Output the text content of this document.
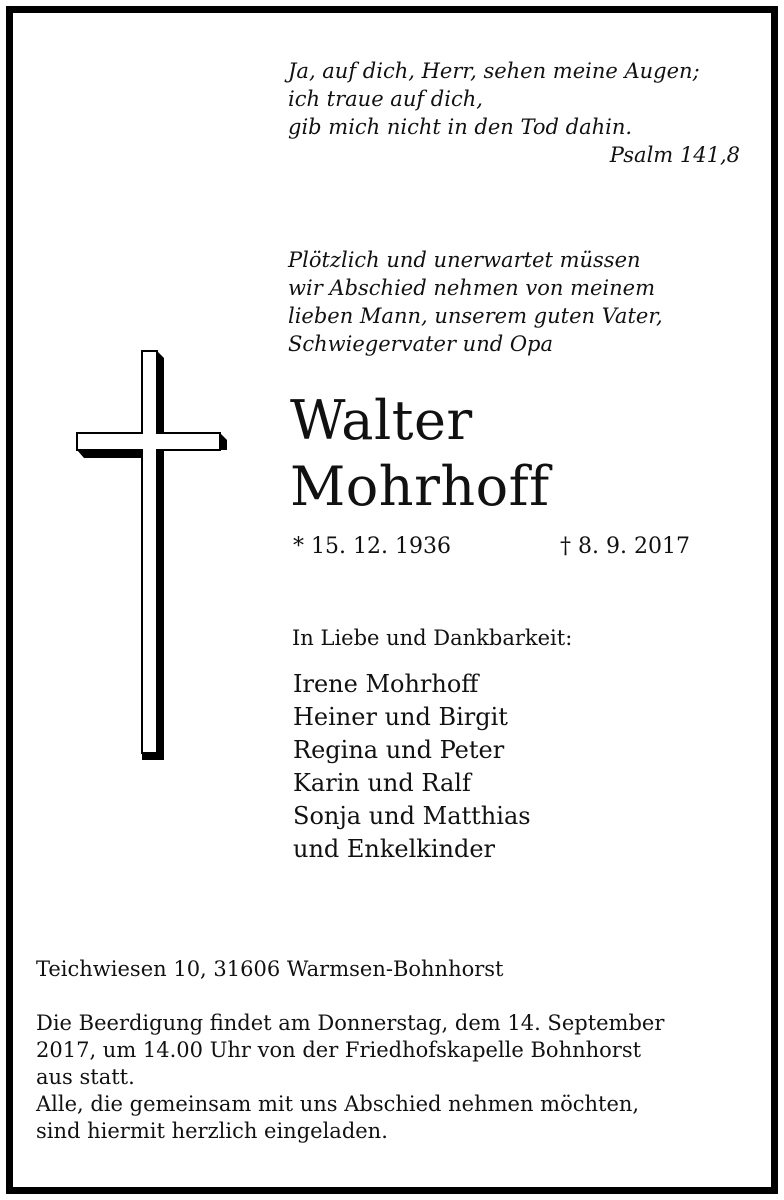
Ja, auf dich, Herr, sehen meine Augen;
ich traue auf dich,
gib mich nicht in den Tod dahin.
Psalm 141,8
Plötzlich und unerwartet müssen
wir Abschied nehmen von meinem
lieben Mann, unserem guten Vater,
Schwiegervater und Opa
Walter
Mohrhoff
* 15. 12. 1936	† 8. 9. 2017
In Liebe und Dankbarkeit:
Irene Mohrhoff
Heiner und Birgit
Regina und Peter
Karin und Ralf
Sonja und Matthias
und Enkelkinder
Teichwiesen 10, 31606 Warmsen-Bohnhorst
Die Beerdigung findet am Donnerstag, dem 14. September
2017, um 14.00 Uhr von der Friedhofskapelle Bohnhorst
aus statt.
Alle, die gemeinsam mit uns Abschied nehmen möchten,
sind hiermit herzlich eingeladen.
